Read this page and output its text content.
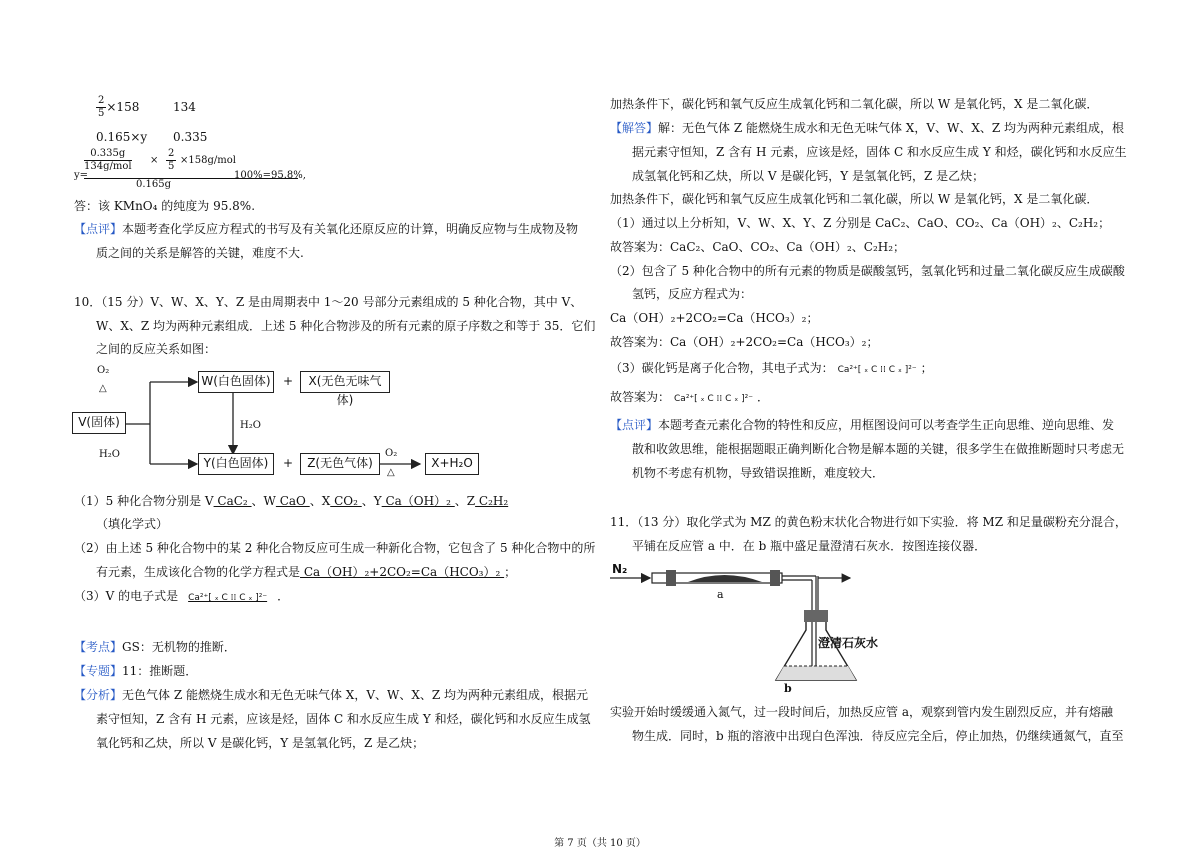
$\frac{2}{5} \times 158$	134
0.165×y 0.335
y=
0.335g
134g/mol
× $\frac{2}{5} \times 158g/mol$
0.165g
100%=95.8%,
答：该 KMnO₄ 的纯度为 95.8%.
【点评】本题考查化学反应方程式的书写及有关氧化还原反应的计算，明确反应物与生成物及物
质之间的关系是解答的关键，难度不大.
10．（15 分）V、W、X、Y、Z 是由周期表中 1～20 号部分元素组成的 5 种化合物，其中 V、
W、X、Z 均为两种元素组成．上述 5 种化合物涉及的所有元素的原子序数之和等于 35．它们
之间的反应关系如图：
O₂
△
H₂O
H₂O	O₂
△
V(固体)
W(白色固体) +	X(无色无味气体)
Y(白色固体)	+	Z(无色气体)	X+H₂O
（1）5 种化合物分别是 V CaC₂ 、W CaO 、X CO₂ 、Y Ca（OH）₂ 、Z C₂H₂
（填化学式）
（2）由上述 5 种化合物中的某 2 种化合物反应可生成一种新化合物，它包含了 5 种化合物中的所
有元素，生成该化合物的化学方程式是 Ca（OH）₂+2CO₂=Ca（HCO₃）₂ ；
（3）V 的电子式是 Ca²⁺[ ₓ C ⁞⁞ C ₓ ]²⁻ ．
【考点】GS：无机物的推断．
【专题】11：推断题．
【分析】无色气体 Z 能燃烧生成水和无色无味气体 X，V、W、X、Z 均为两种元素组成，根据元
素守恒知，Z 含有 H 元素，应该是烃，固体 C 和水反应生成 Y 和烃，碳化钙和水反应生成氢
氧化钙和乙炔，所以 V 是碳化钙，Y 是氢氧化钙，Z 是乙炔；
加热条件下，碳化钙和氧气反应生成氧化钙和二氧化碳，所以 W 是氧化钙，X 是二氧化碳．
【解答】解：无色气体 Z 能燃烧生成水和无色无味气体 X，V、W、X、Z 均为两种元素组成，根
据元素守恒知，Z 含有 H 元素，应该是烃，固体 C 和水反应生成 Y 和烃，碳化钙和水反应生
成氢氧化钙和乙炔，所以 V 是碳化钙，Y 是氢氧化钙，Z 是乙炔；
加热条件下，碳化钙和氧气反应生成氧化钙和二氧化碳，所以 W 是氧化钙，X 是二氧化碳．
（1）通过以上分析知，V、W、X、Y、Z 分别是 CaC₂、CaO、CO₂、Ca（OH）₂、C₂H₂；
故答案为：CaC₂、CaO、CO₂、Ca（OH）₂、C₂H₂；
（2）包含了 5 种化合物中的所有元素的物质是碳酸氢钙，氢氧化钙和过量二氧化碳反应生成碳酸
氢钙，反应方程式为：
Ca（OH）₂+2CO₂=Ca（HCO₃）₂；
故答案为：Ca（OH）₂+2CO₂=Ca（HCO₃）₂；
（3）碳化钙是离子化合物，其电子式为： Ca²⁺[ ₓ C ⁞⁞ C ₓ ]²⁻ ；
故答案为： Ca²⁺[ ₓ C ⁞⁞ C ₓ ]²⁻ ．
【点评】本题考查元素化合物的特性和反应，用框图设问可以考查学生正向思维、逆向思维、发
散和收敛思维，能根据题眼正确判断化合物是解本题的关键，很多学生在做推断题时只考虑无
机物不考虑有机物，导致错误推断，难度较大．
11．（13 分）取化学式为 MZ 的黄色粉末状化合物进行如下实验．将 MZ 和足量碳粉充分混合，
平铺在反应管 a 中．在 b 瓶中盛足量澄清石灰水．按图连接仪器．
N₂
a
b
澄清石灰水
实验开始时缓缓通入氮气，过一段时间后，加热反应管 a，观察到管内发生剧烈反应，并有熔融
物生成．同时，b 瓶的溶液中出现白色浑浊．待反应完全后，停止加热，仍继续通氮气，直至
第 7 页（共 10 页）
